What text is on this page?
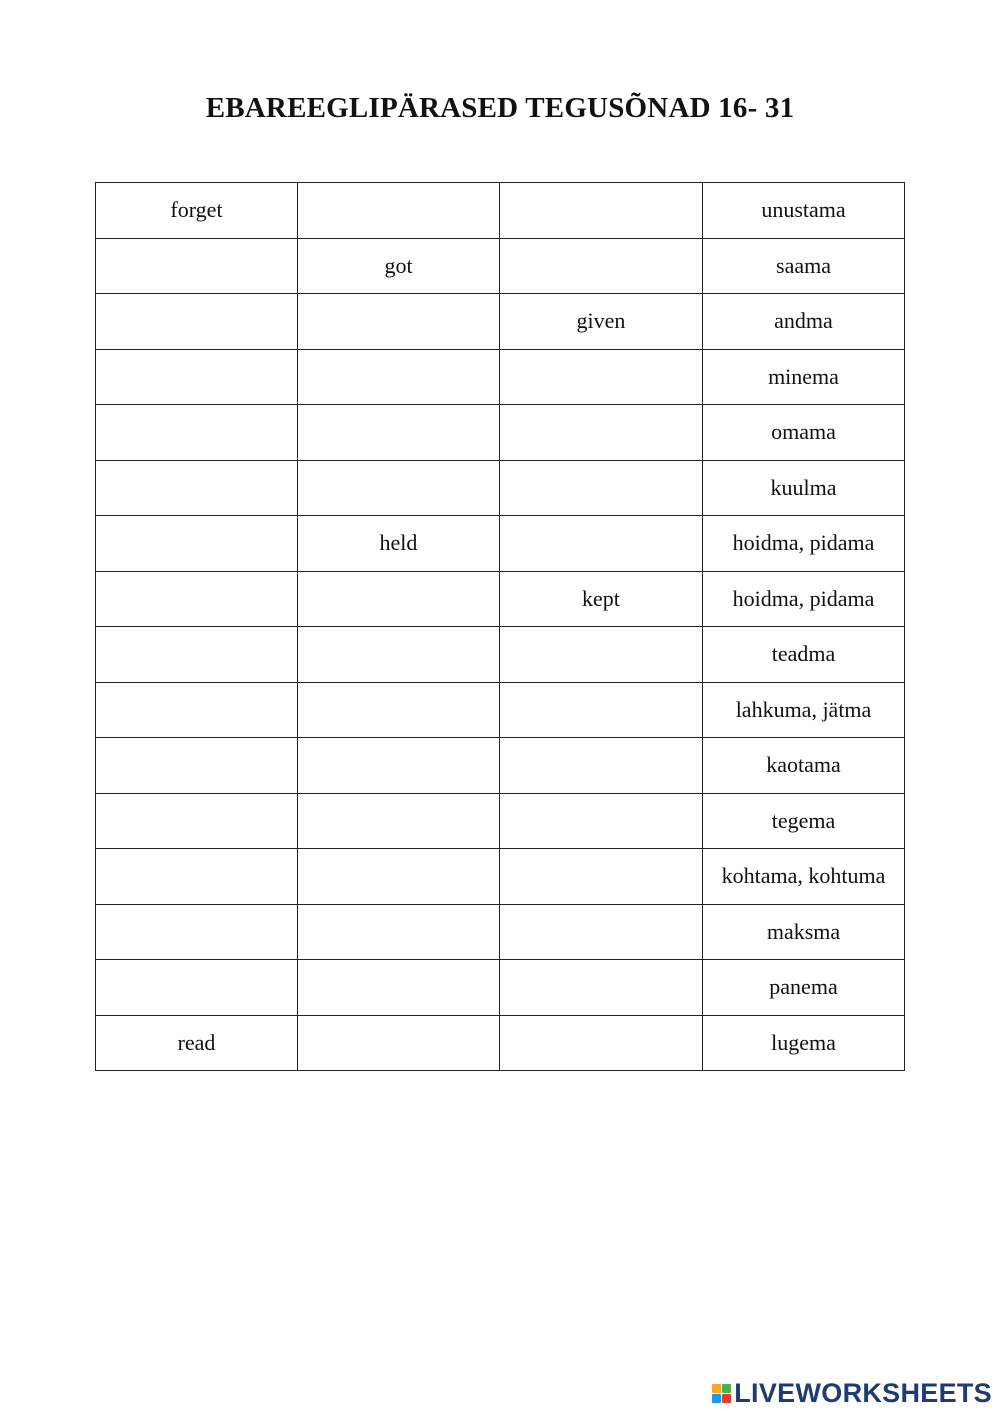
EBAREEGLIPÄRASED TEGUSÕNAD 16- 31
forget			unustama
	got		saama
		given	andma
			minema
			omama
			kuulma
	held		hoidma, pidama
		kept	hoidma, pidama
			teadma
			lahkuma, jätma
			kaotama
			tegema
			kohtama, kohtuma
			maksma
			panema
read			lugema
LIVEWORKSHEETS
